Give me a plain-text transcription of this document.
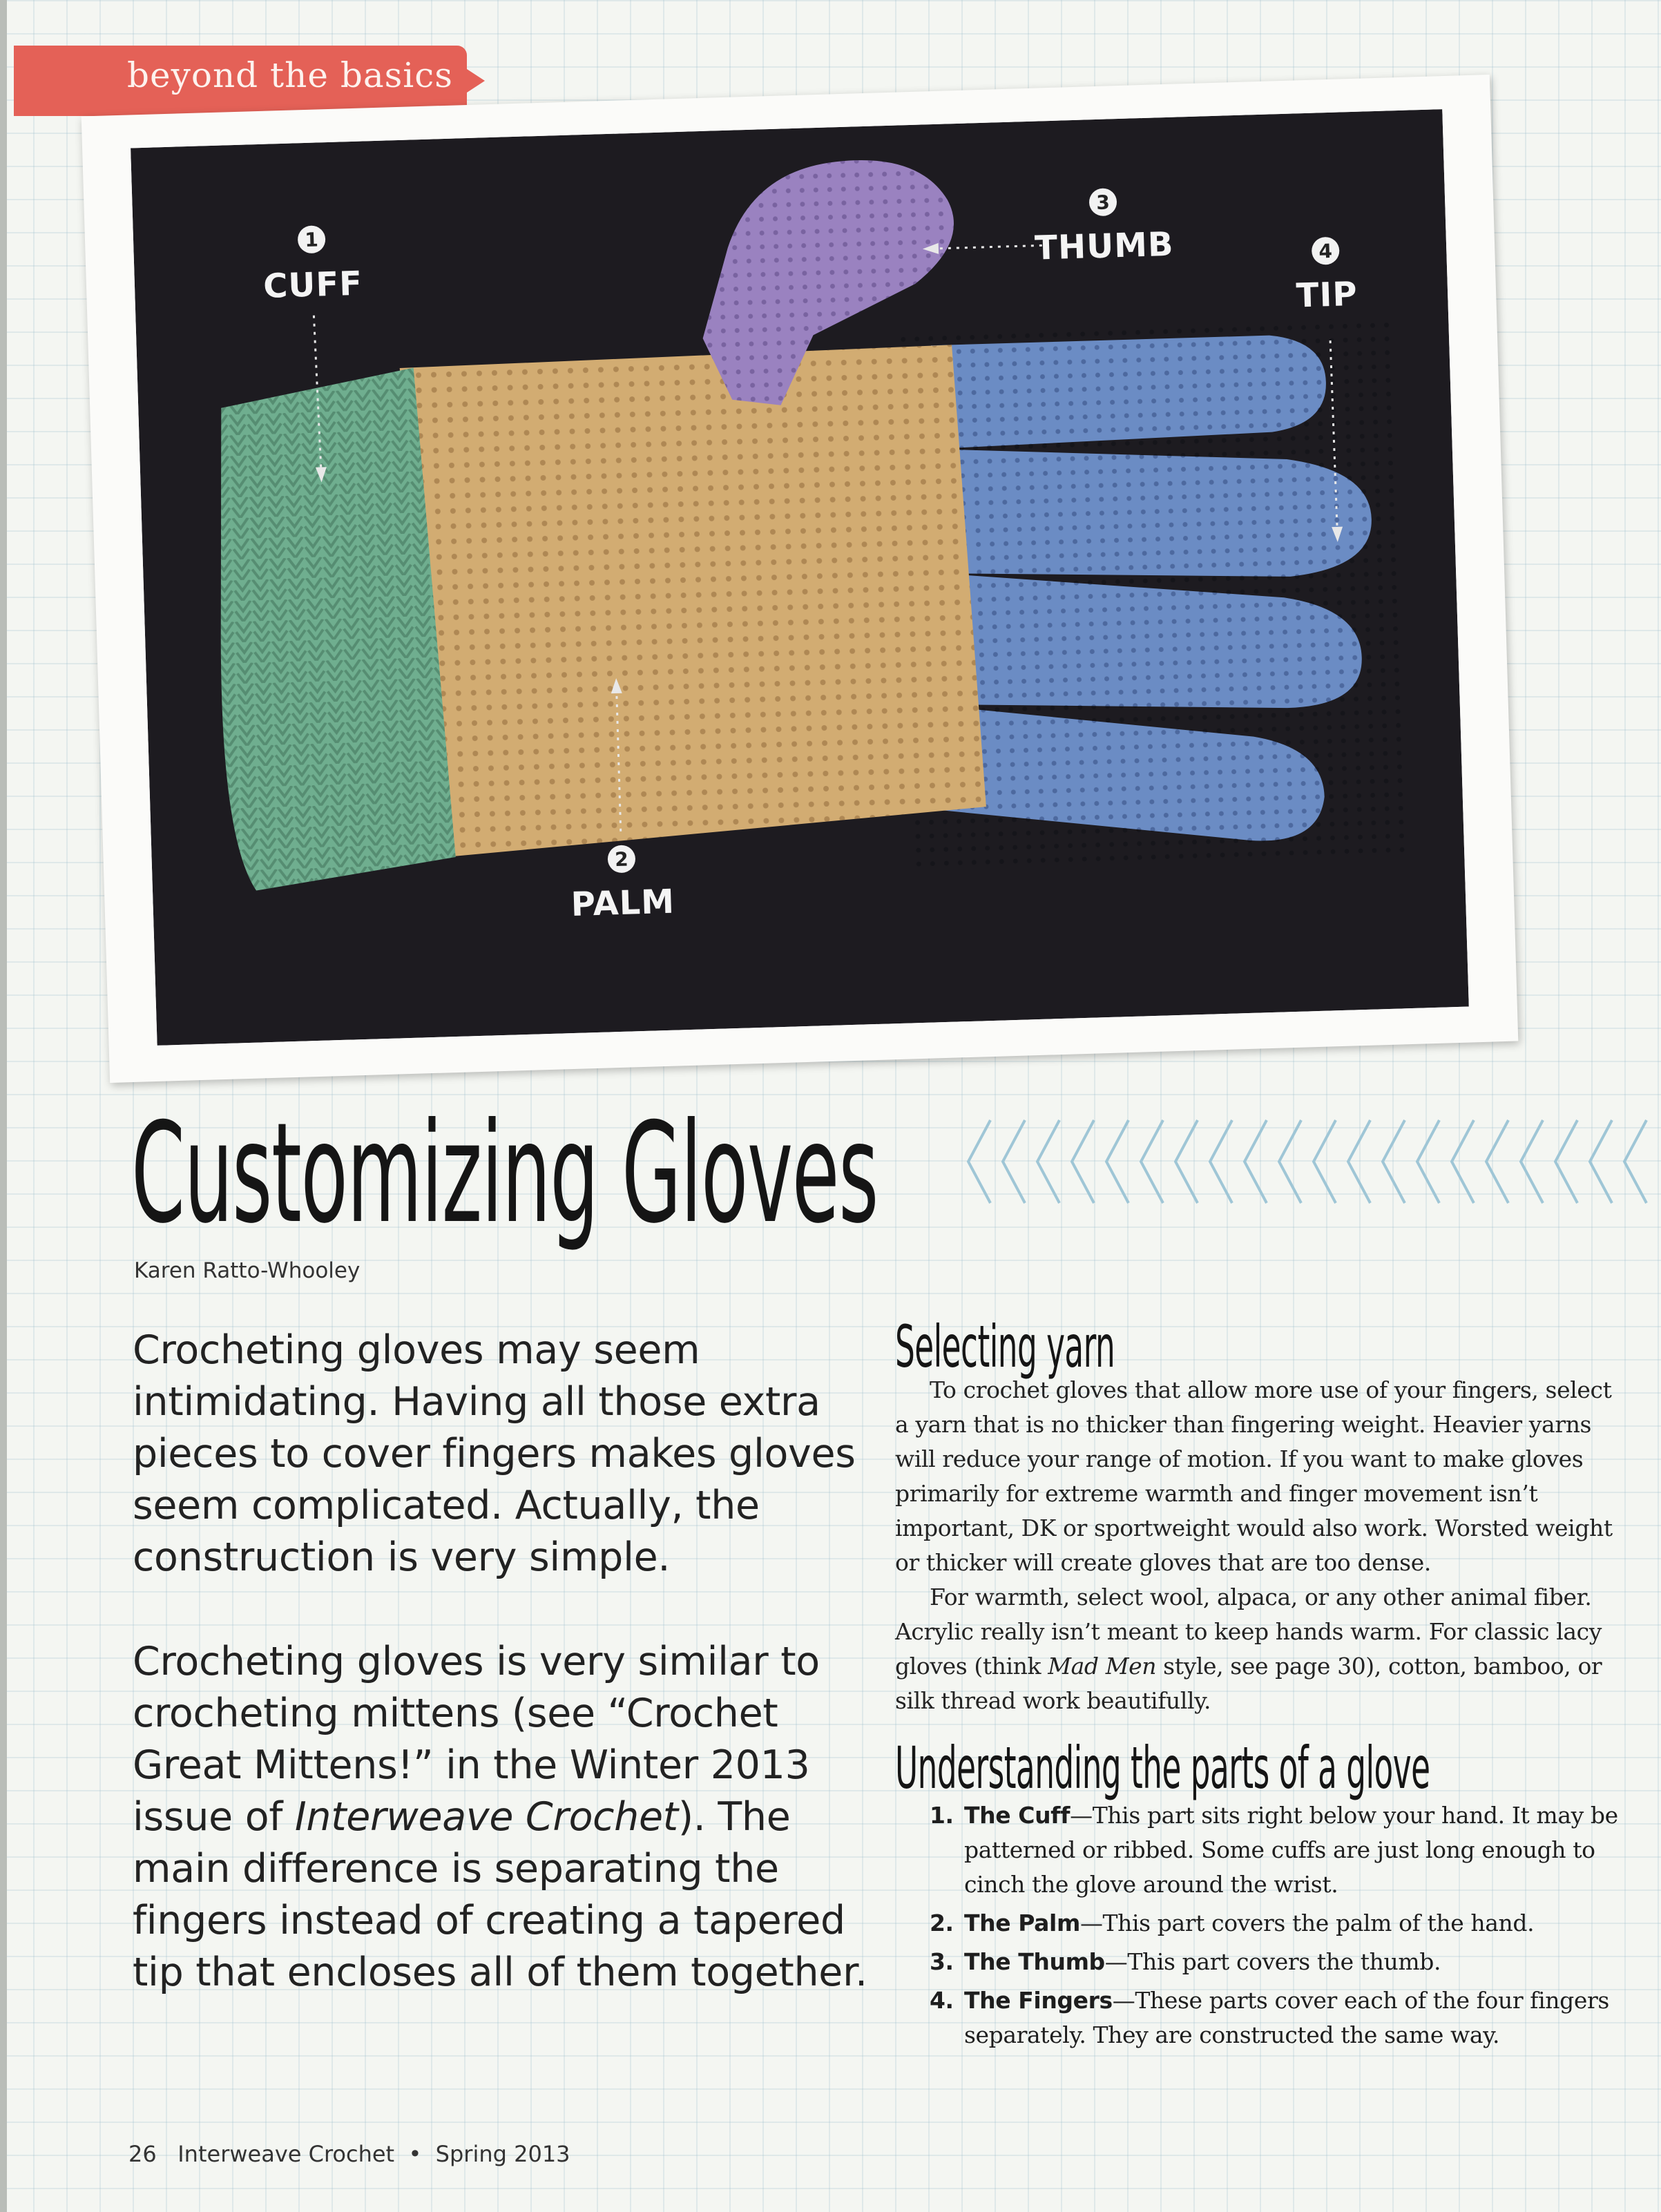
beyond the basics
1
CUFF
2
PALM
3
THUMB	4
TIP
Customizing Gloves
Karen Ratto-Whooley

Crocheting gloves may seem intimidating. Having all those extra pieces to cover fingers makes gloves seem complicated. Actually, the construction is very simple.

Crocheting gloves is very similar to crocheting mittens (see “Crochet Great Mittens!” in the Winter 2013 issue of Interweave Crochet). The main difference is separating the fingers instead of creating a tapered tip that encloses all of them together.

Selecting yarn

To crochet gloves that allow more use of your fingers, select a yarn that is no thicker than fingering weight. Heavier yarns will reduce your range of motion. If you want to make gloves primarily for extreme warmth and finger movement isn’t important, DK or sportweight would also work. Worsted weight or thicker will create gloves that are too dense.

For warmth, select wool, alpaca, or any other animal fiber. Acrylic really isn’t meant to keep hands warm. For classic lacy gloves (think Mad Men style, see page 30), cotton, bamboo, or silk thread work beautifully.

Understanding the parts of a glove
1. The Cuff—This part sits right below your hand. It may be patterned or ribbed. Some cuffs are just long enough to cinch the glove around the wrist.
2. The Palm—This part covers the palm of the hand.
3. The Thumb—This part covers the thumb.
4. The Fingers—These parts cover each of the four fingers separately. They are constructed the same way.
26 Interweave Crochet • Spring 2013
